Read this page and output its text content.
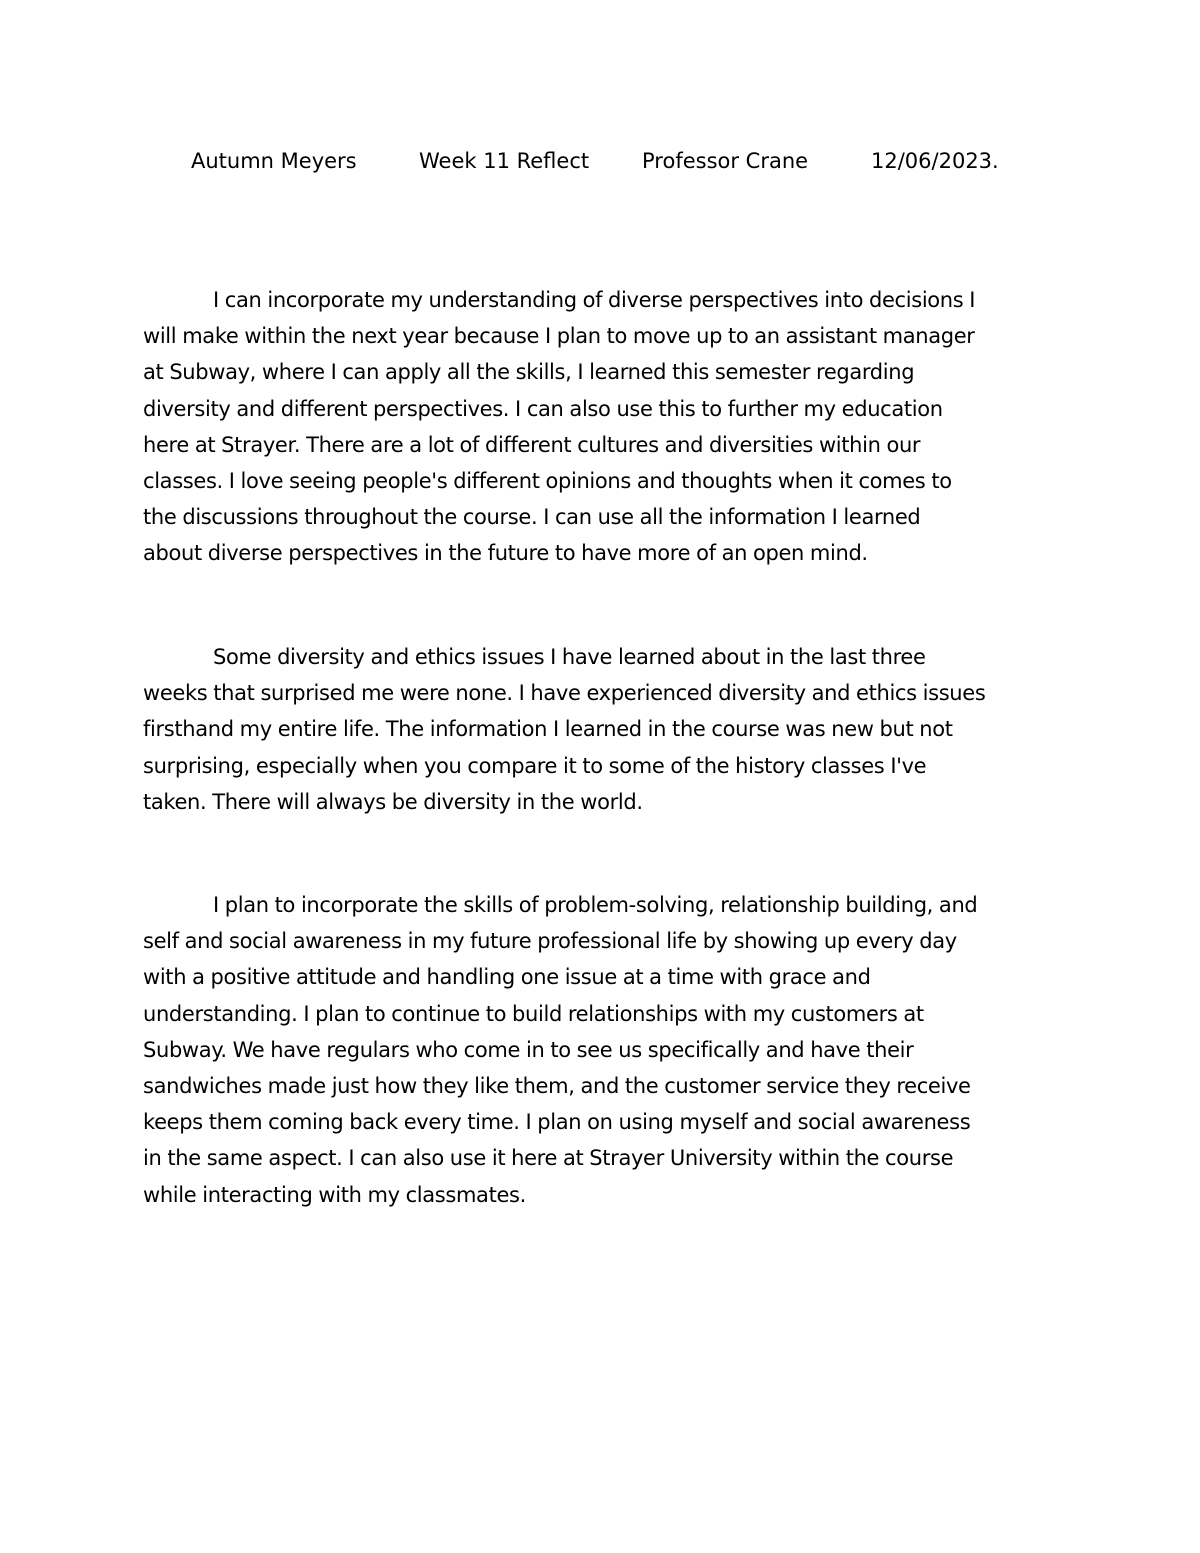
Autumn Meyers	Week 11 Reflect	Professor Crane	12/06/2023.

I can incorporate my understanding of diverse perspectives into decisions I
will make within the next year because I plan to move up to an assistant manager
at Subway, where I can apply all the skills, I learned this semester regarding
diversity and different perspectives. I can also use this to further my education
here at Strayer. There are a lot of different cultures and diversities within our
classes. I love seeing people's different opinions and thoughts when it comes to
the discussions throughout the course. I can use all the information I learned
about diverse perspectives in the future to have more of an open mind.

Some diversity and ethics issues I have learned about in the last three
weeks that surprised me were none. I have experienced diversity and ethics issues
firsthand my entire life. The information I learned in the course was new but not
surprising, especially when you compare it to some of the history classes I've
taken. There will always be diversity in the world.

I plan to incorporate the skills of problem-solving, relationship building, and
self and social awareness in my future professional life by showing up every day
with a positive attitude and handling one issue at a time with grace and
understanding. I plan to continue to build relationships with my customers at
Subway. We have regulars who come in to see us specifically and have their
sandwiches made just how they like them, and the customer service they receive
keeps them coming back every time. I plan on using myself and social awareness
in the same aspect. I can also use it here at Strayer University within the course
while interacting with my classmates.
